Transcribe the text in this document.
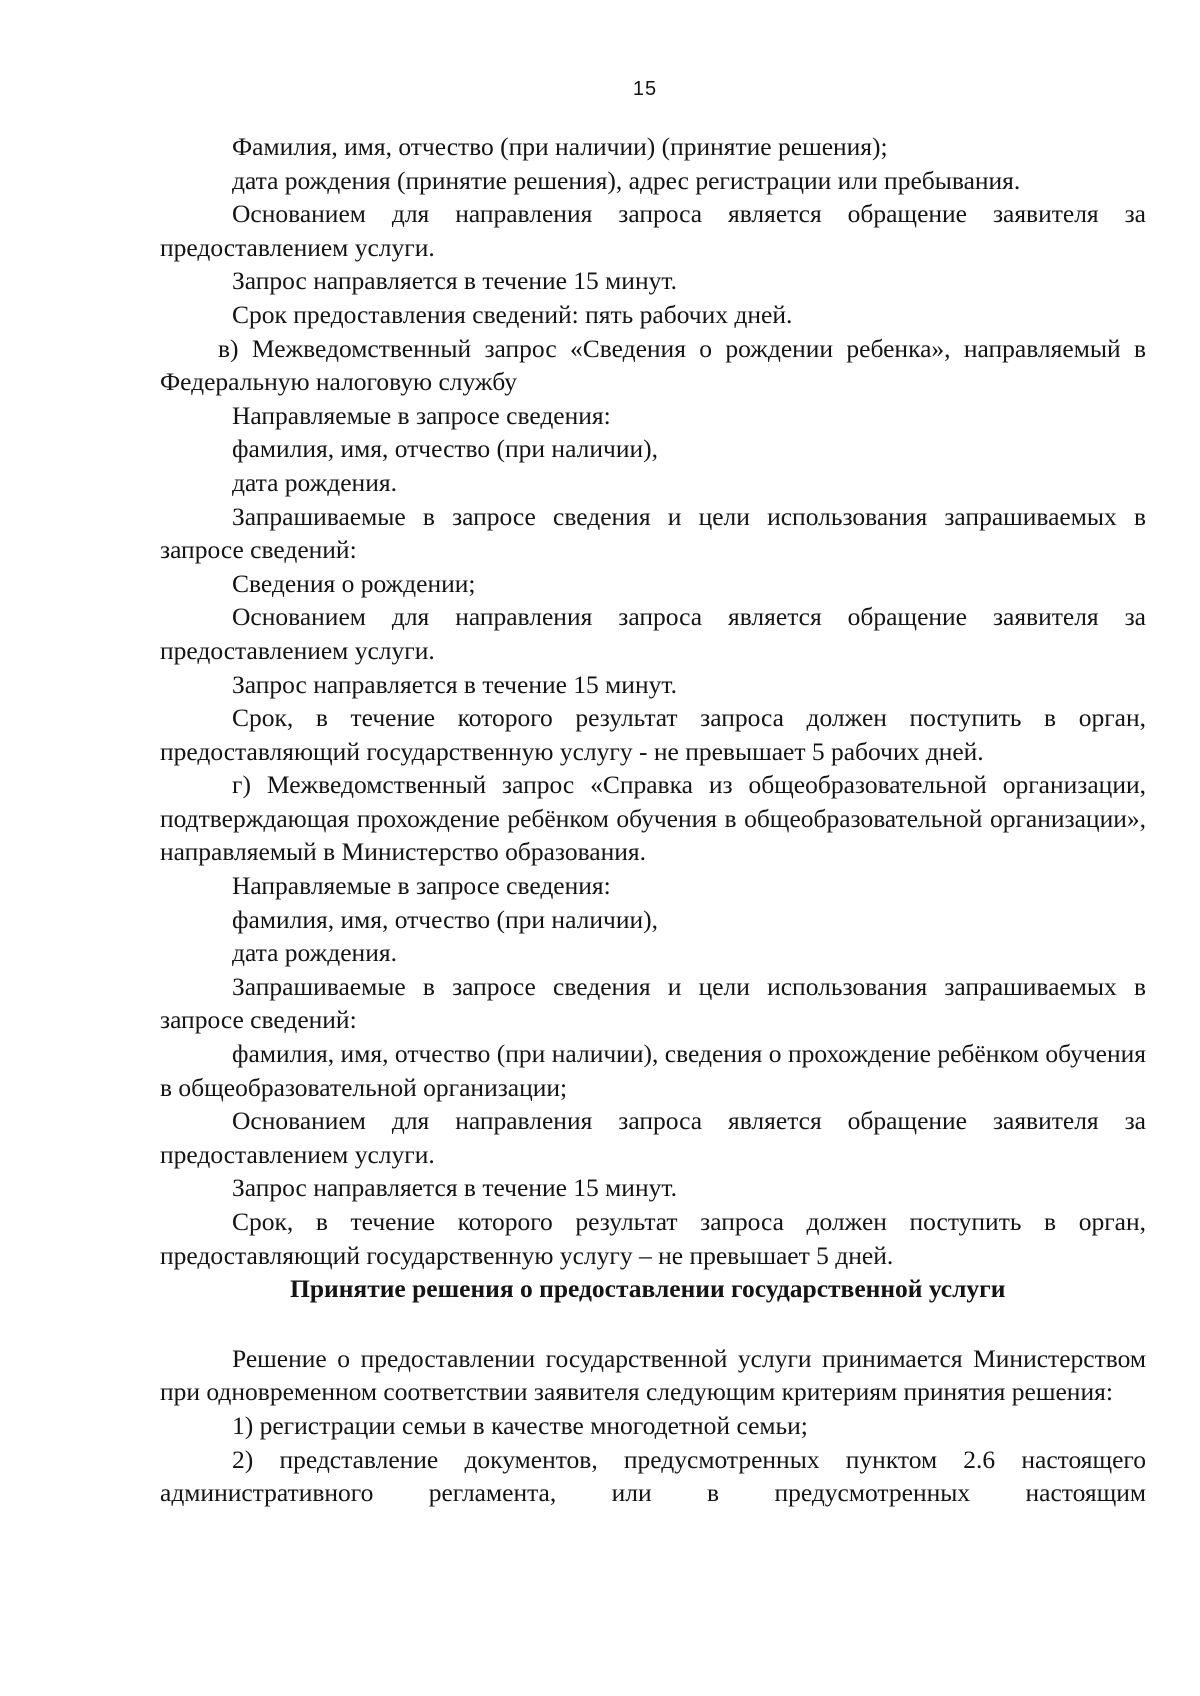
15

Фамилия, имя, отчество (при наличии) (принятие решения);

дата рождения (принятие решения), адрес регистрации или пребывания.

Основанием для направления запроса является обращение заявителя за предоставлением услуги.

Запрос направляется в течение 15 минут.

Срок предоставления сведений: пять рабочих дней.

в) Межведомственный запрос «Сведения о рождении ребенка», направляемый в Федеральную налоговую службу

Направляемые в запросе сведения:

фамилия, имя, отчество (при наличии),

дата рождения.

Запрашиваемые в запросе сведения и цели использования запрашиваемых в запросе сведений:

Сведения о рождении;

Основанием для направления запроса является обращение заявителя за предоставлением услуги.

Запрос направляется в течение 15 минут.

Срок, в течение которого результат запроса должен поступить в орган, предоставляющий государственную услугу - не превышает 5 рабочих дней.

г) Межведомственный запрос «Справка из общеобразовательной организации, подтверждающая прохождение ребёнком обучения в общеобразовательной организации», направляемый в Министерство образования.

Направляемые в запросе сведения:

фамилия, имя, отчество (при наличии),

дата рождения.

Запрашиваемые в запросе сведения и цели использования запрашиваемых в запросе сведений:

фамилия, имя, отчество (при наличии), сведения о прохождение ребёнком обучения в общеобразовательной организации;

Основанием для направления запроса является обращение заявителя за предоставлением услуги.

Запрос направляется в течение 15 минут.

Срок, в течение которого результат запроса должен поступить в орган, предоставляющий государственную услугу – не превышает 5 дней.

Принятие решения о предоставлении государственной услуги

Решение о предоставлении государственной услуги принимается Министерством при одновременном соответствии заявителя следующим критериям принятия решения:

1) регистрации семьи в качестве многодетной семьи;

2) представление документов, предусмотренных пунктом 2.6 настоящего административного регламента, или в предусмотренных настоящим
